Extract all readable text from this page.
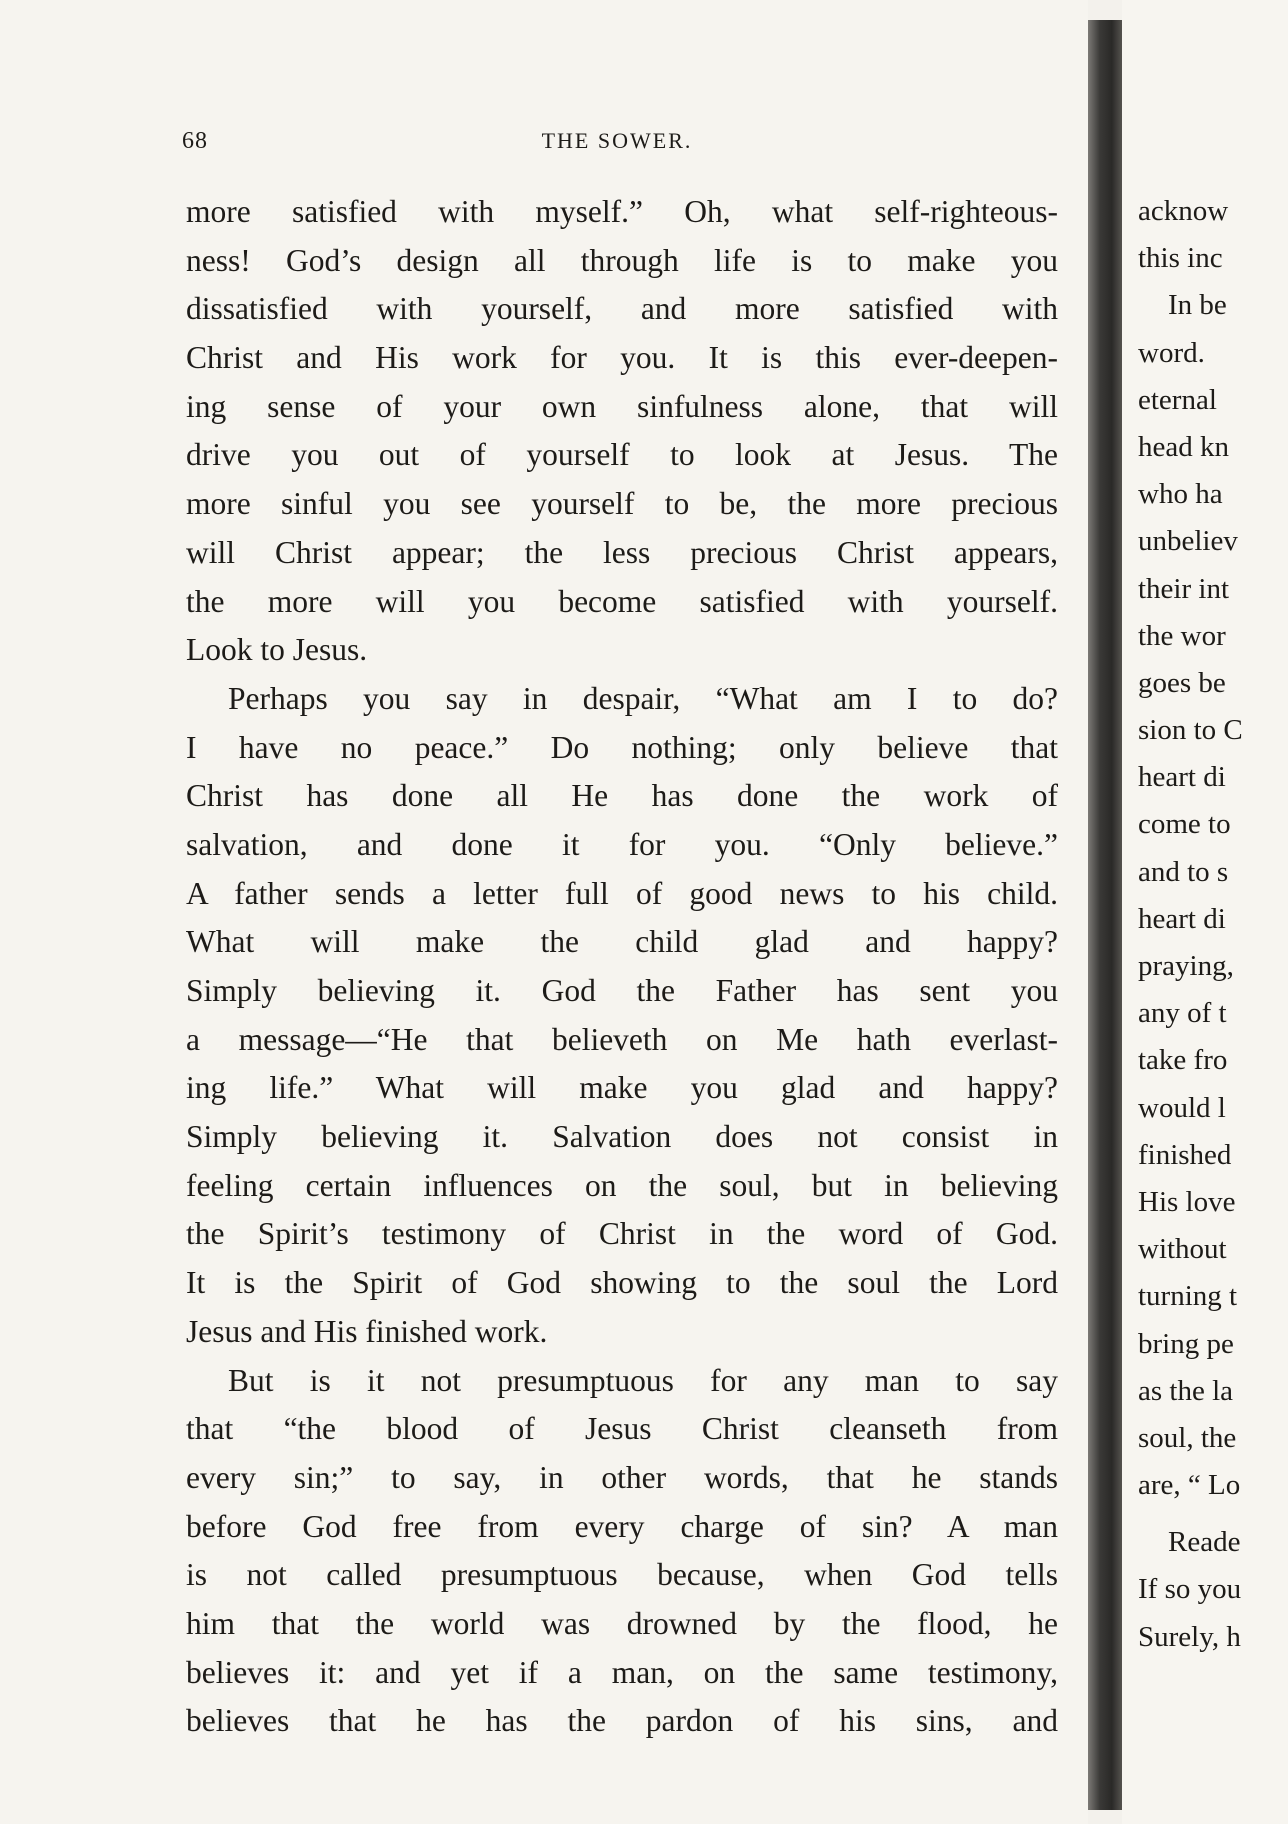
68	THE SOWER.
more satisfied with myself.” Oh, what self-righteous-
ness! God’s design all through life is to make you
dissatisfied with yourself, and more satisfied with
Christ and His work for you. It is this ever-deepen-
ing sense of your own sinfulness alone, that will
drive you out of yourself to look at Jesus. The
more sinful you see yourself to be, the more precious
will Christ appear; the less precious Christ appears,
the more will you become satisfied with yourself.
Look to Jesus.
Perhaps you say in despair, “What am I to do?
I have no peace.” Do nothing; only believe that
Christ has done all He has done the work of
salvation, and done it for you. “Only believe.”
A father sends a letter full of good news to his child.
What will make the child glad and happy?
Simply believing it. God the Father has sent you
a message—“He that believeth on Me hath everlast-
ing life.” What will make you glad and happy?
Simply believing it. Salvation does not consist in
feeling certain influences on the soul, but in believing
the Spirit’s testimony of Christ in the word of God.
It is the Spirit of God showing to the soul the Lord
Jesus and His finished work.
But is it not presumptuous for any man to say
that “the blood of Jesus Christ cleanseth from
every sin;” to say, in other words, that he stands
before God free from every charge of sin? A man
is not called presumptuous because, when God tells
him that the world was drowned by the flood, he
believes it: and yet if a man, on the same testimony,
believes that he has the pardon of his sins, and
acknow
this inc
In be
word.
eternal
head kn
who ha
unbeliev
their int
the wor
goes be
sion to C
heart di
come to
and to s
heart di
praying,
any of t
take fro
would l
finished
His love
without
turning t
bring pe
as the la
soul, the
are, “ Lo
Reade
If so you
Surely, h
